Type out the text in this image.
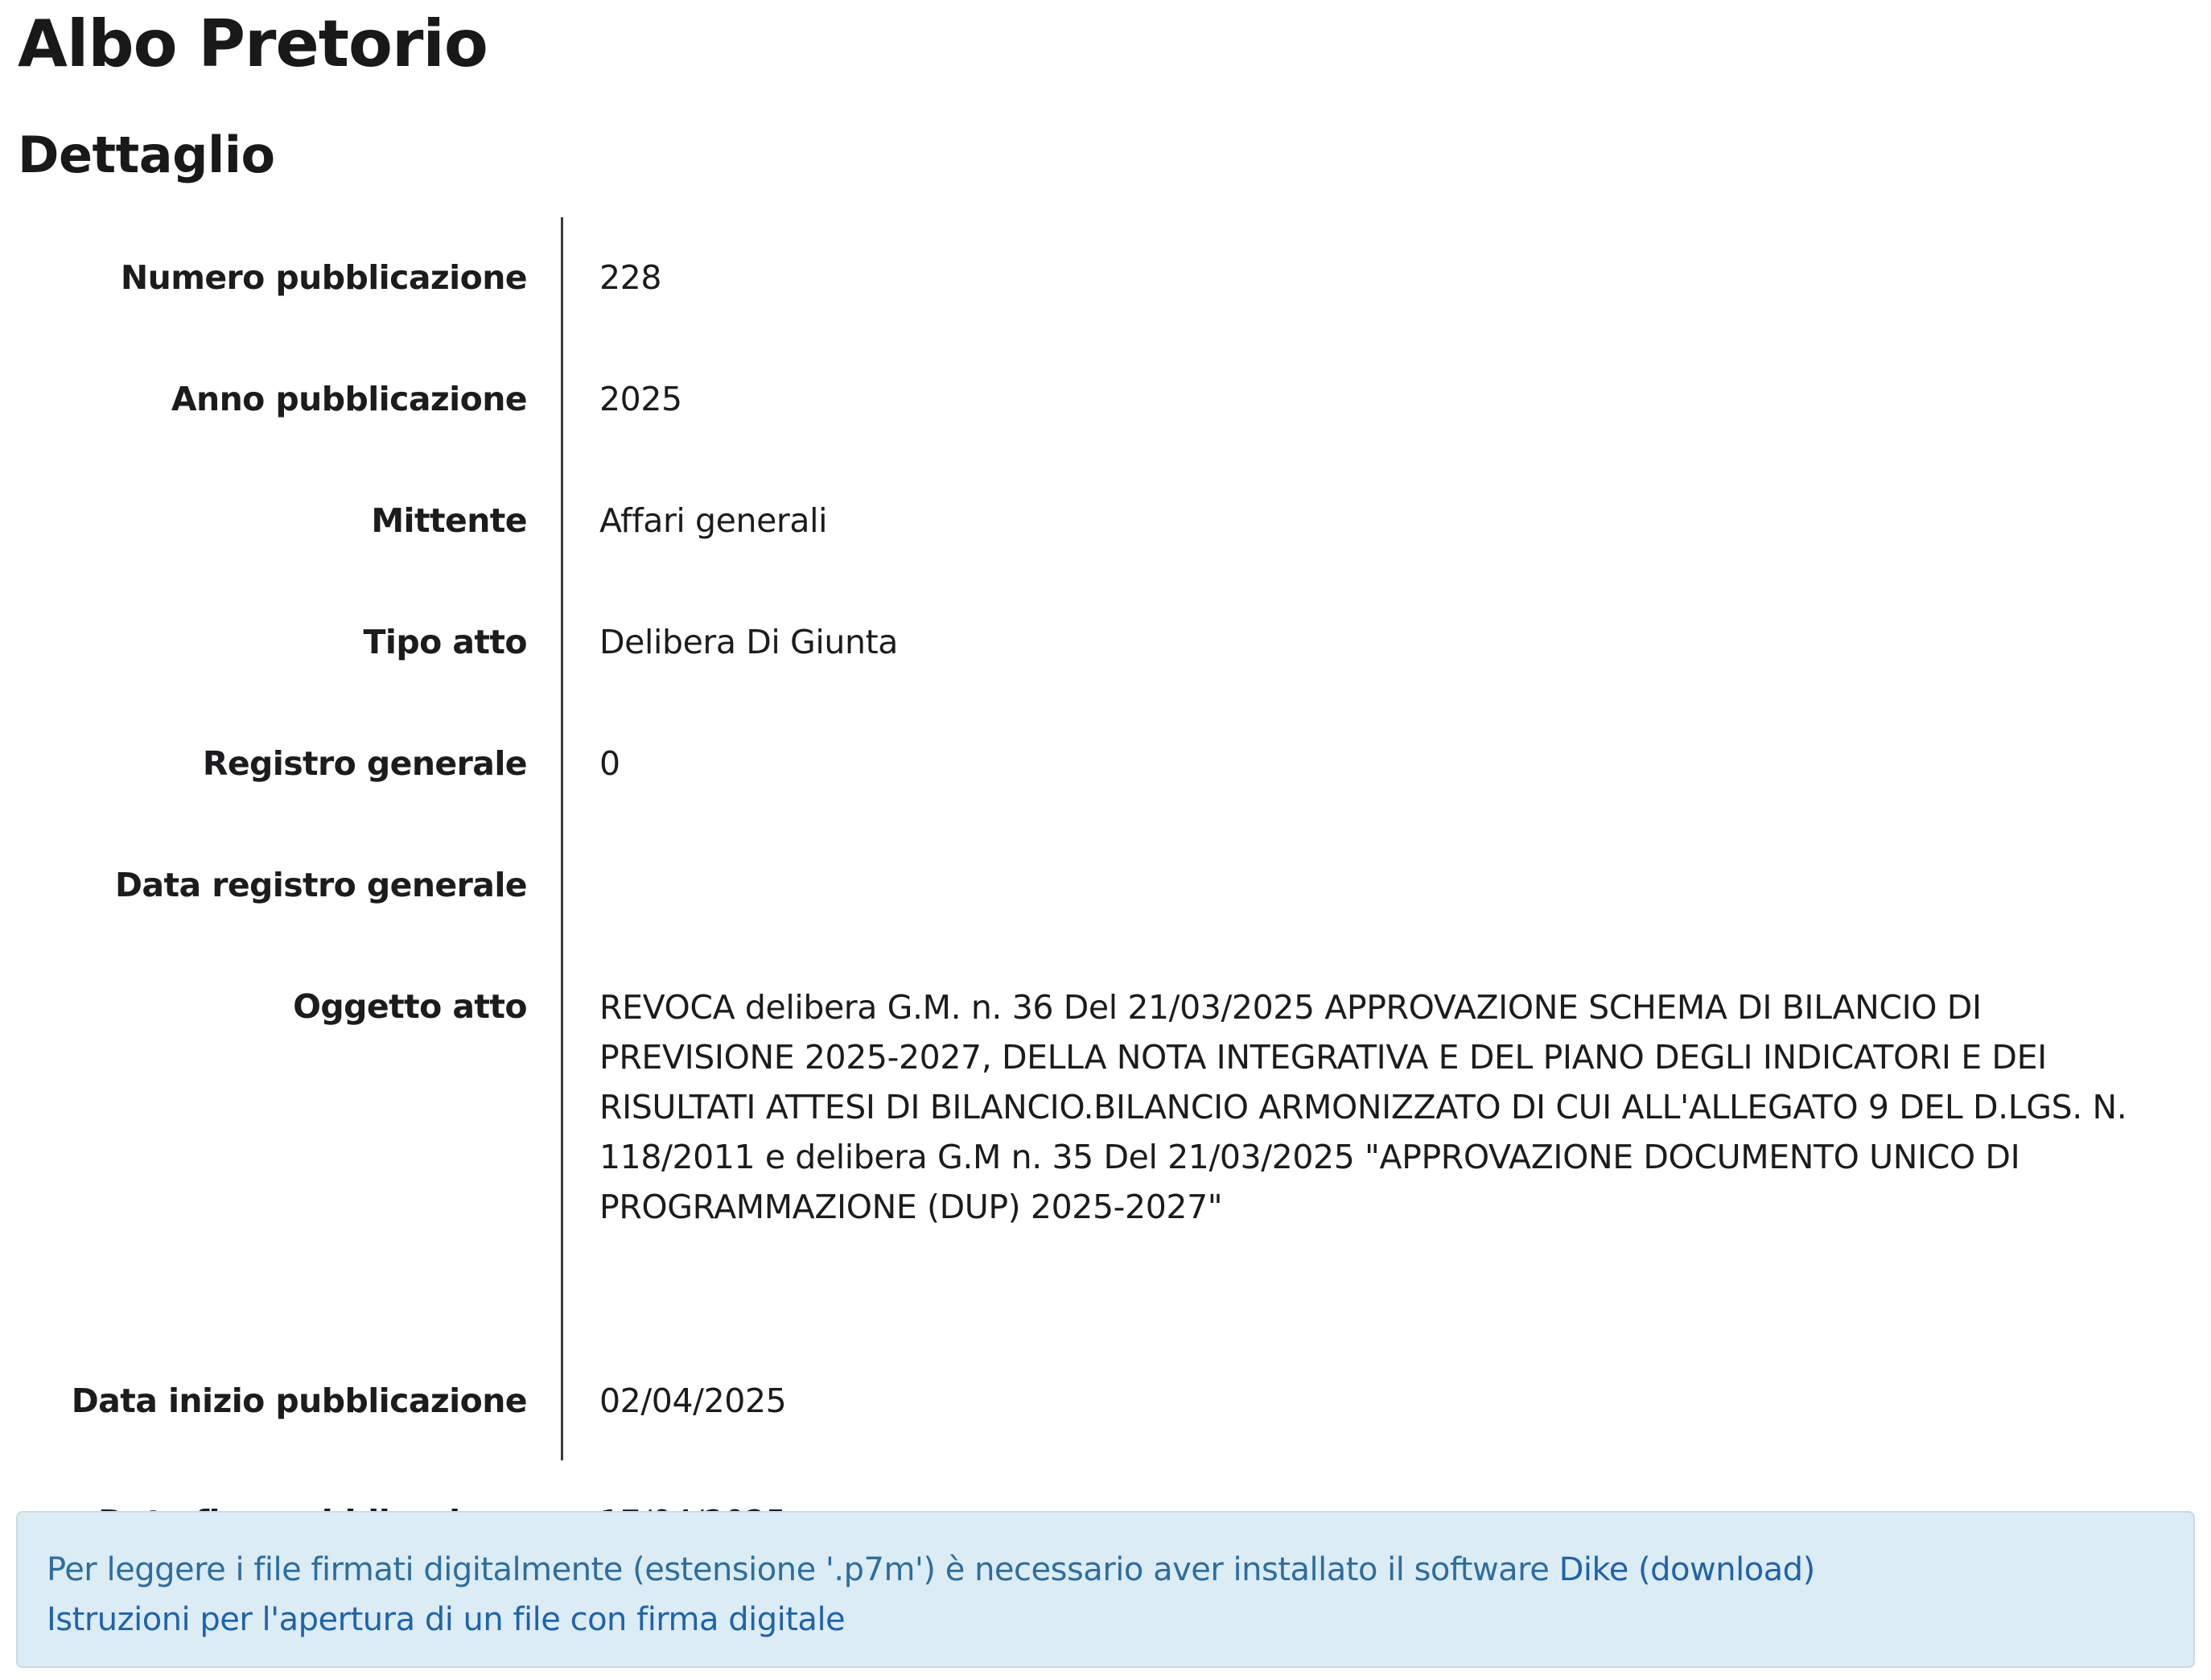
Albo Pretorio
Dettaglio
Numero pubblicazione 228
Anno pubblicazione 2025
Mittente Affari generali
Tipo atto Delibera Di Giunta
Registro generale 0
Data registro generale
Oggetto atto REVOCA delibera G.M. n. 36 Del 21/03/2025 APPROVAZIONE SCHEMA DI BILANCIO DI PREVISIONE 2025-2027, DELLA NOTA INTEGRATIVA E DEL PIANO DEGLI INDICATORI E DEI RISULTATI ATTESI DI BILANCIO.BILANCIO ARMONIZZATO DI CUI ALL'ALLEGATO 9 DEL D.LGS. N. 118/2011 e delibera G.M n. 35 Del 21/03/2025 "APPROVAZIONE DOCUMENTO UNICO DI PROGRAMMAZIONE (DUP) 2025-2027"
Data inizio pubblicazione 02/04/2025
Per leggere i file firmati digitalmente (estensione '.p7m') è necessario aver installato il software Dike (download)
Istruzioni per l'apertura di un file con firma digitale
